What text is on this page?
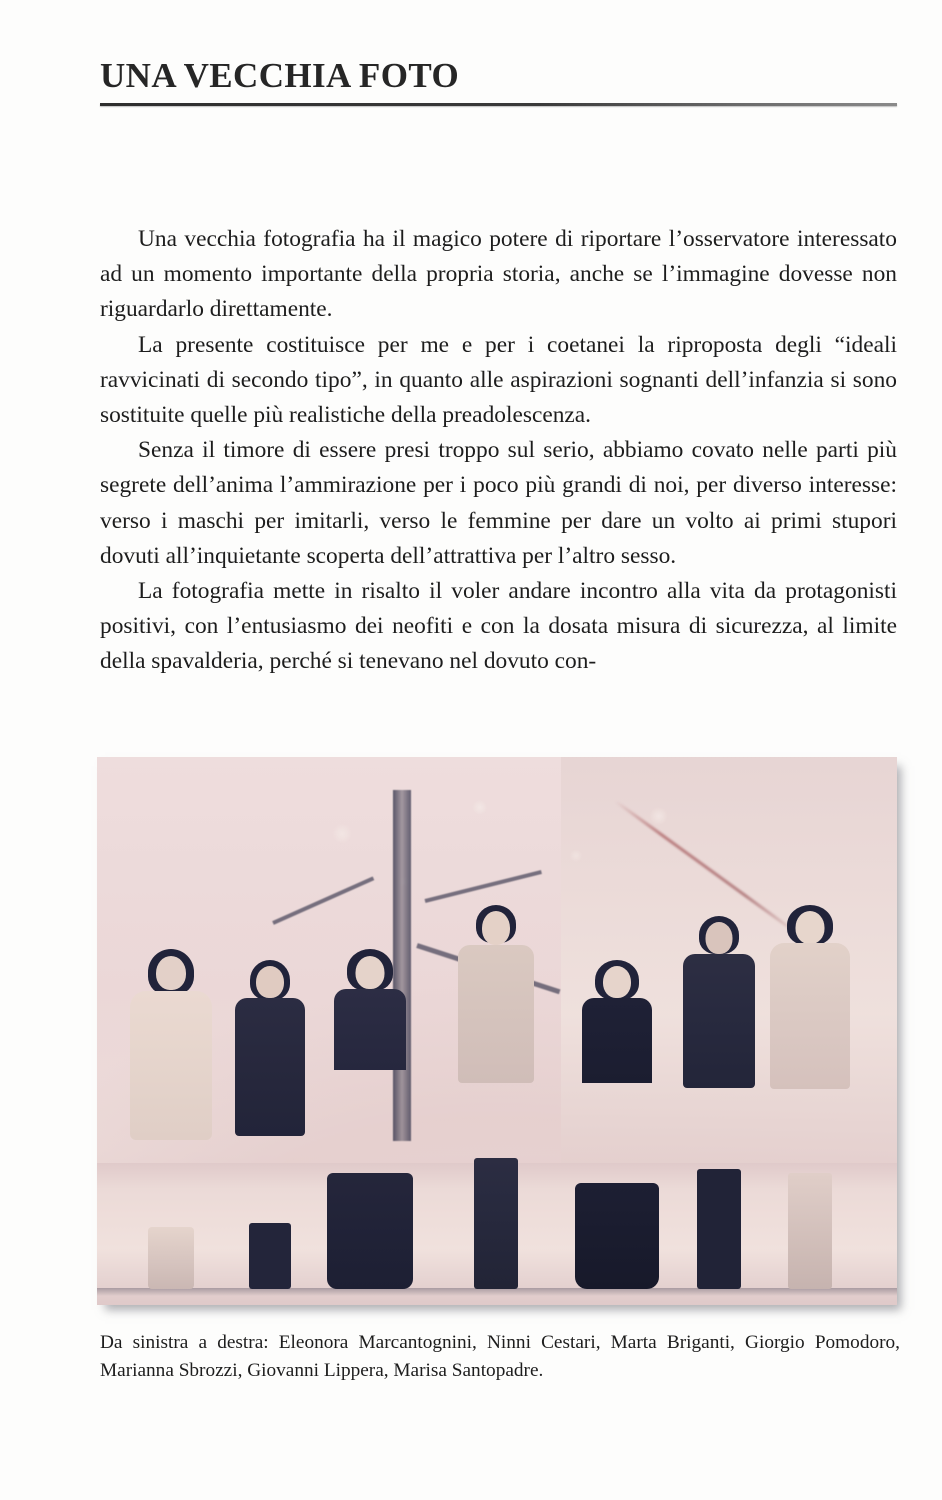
UNA VECCHIA FOTO

Una vecchia fotografia ha il magico potere di riportare l’osservatore interessato ad un momento importante della propria storia, anche se l’immagine dovesse non riguardarlo direttamente.

La presente costituisce per me e per i coetanei la riproposta degli “ideali ravvicinati di secondo tipo”, in quanto alle aspirazioni sognanti dell’infanzia si sono sostituite quelle più realistiche della preadolescenza.

Senza il timore di essere presi troppo sul serio, abbiamo covato nelle parti più segrete dell’anima l’ammirazione per i poco più grandi di noi, per diverso interesse: verso i maschi per imitarli, verso le femmine per dare un volto ai primi stupori dovuti all’inquietante scoperta dell’attrattiva per l’altro sesso.

La fotografia mette in risalto il voler andare incontro alla vita da protagonisti positivi, con l’entusiasmo dei neofiti e con la dosata misura di sicurezza, al limite della spavalderia, perché si tenevano nel dovuto con-

Da sinistra a destra: Eleonora Marcantognini, Ninni Cestari, Marta Briganti, Giorgio Pomodoro, Marianna Sbrozzi, Giovanni Lippera, Marisa Santopadre.
